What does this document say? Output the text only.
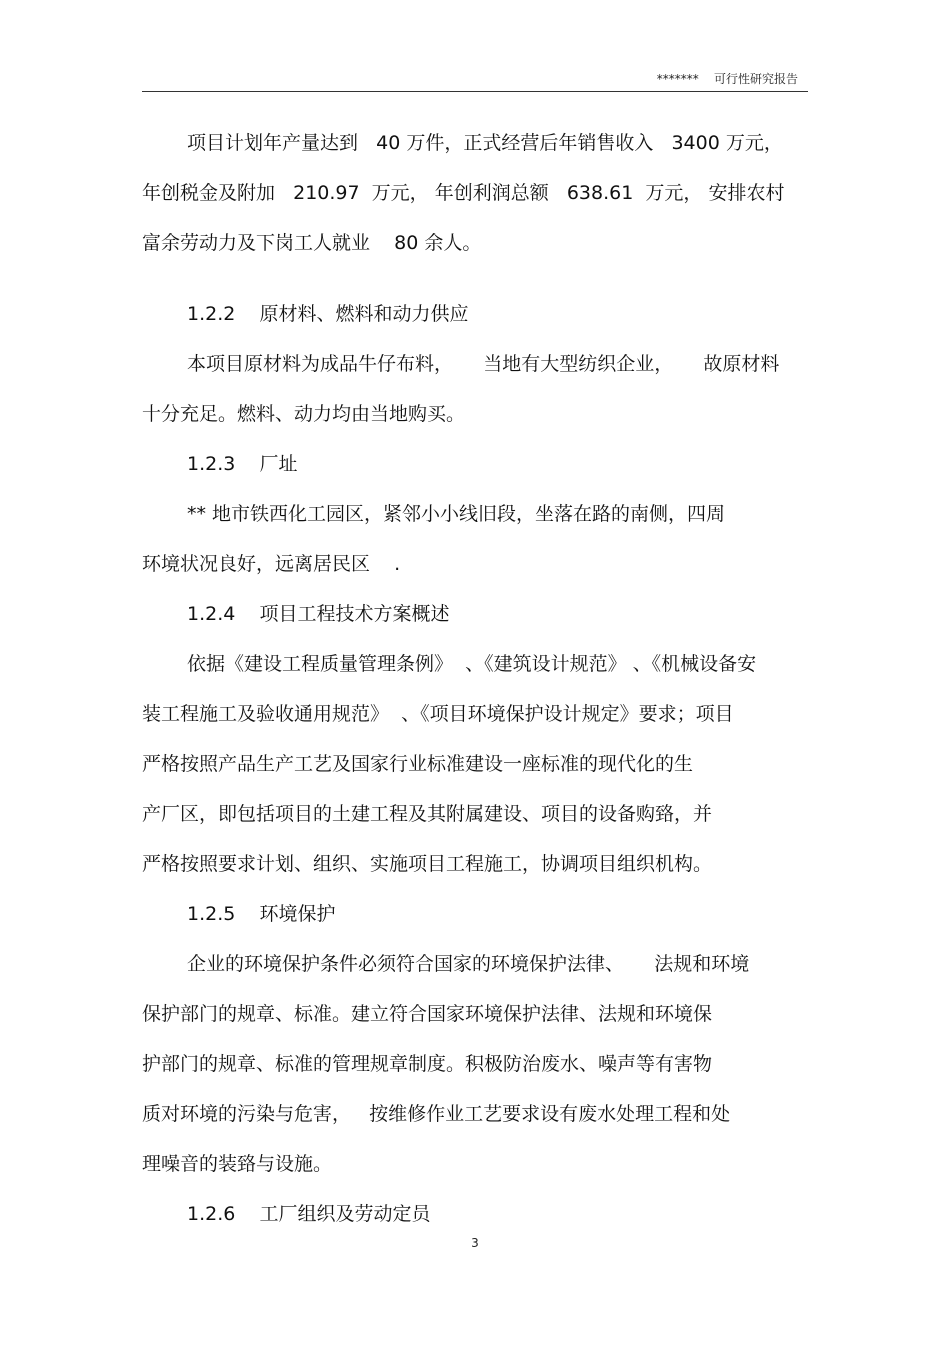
*******    可行性研究报告
项目计划年产量达到   40 万件，正式经营后年销售收入   3400 万元，
年创税金及附加   210.97  万元， 年创利润总额   638.61  万元， 安排农村
富余劳动力及下岗工人就业    80 余人。
1.2.2    原材料、燃料和动力供应
本项目原材料为成品牛仔布料，     当地有大型纺织企业，     故原材料
十分充足。燃料、动力均由当地购买。
1.2.3    厂址
** 地市铁西化工园区，紧邻小小线旧段，坐落在路的南侧，四周
环境状况良好，远离居民区    .
1.2.4    项目工程技术方案概述
依据《建设工程质量管理条例》  、《建筑设计规范》 、《机械设备安
装工程施工及验收通用规范》  、《项目环境保护设计规定》要求；项目
严格按照产品生产工艺及国家行业标准建设一座标准的现代化的生
产厂区，即包括项目的土建工程及其附属建设、项目的设备购臵，并
严格按照要求计划、组织、实施项目工程施工，协调项目组织机构。
1.2.5    环境保护
企业的环境保护条件必须符合国家的环境保护法律、     法规和环境
保护部门的规章、标准。建立符合国家环境保护法律、法规和环境保
护部门的规章、标准的管理规章制度。积极防治废水、噪声等有害物
质对环境的污染与危害，   按维修作业工艺要求设有废水处理工程和处
理噪音的装臵与设施。
1.2.6    工厂组织及劳动定员
3
